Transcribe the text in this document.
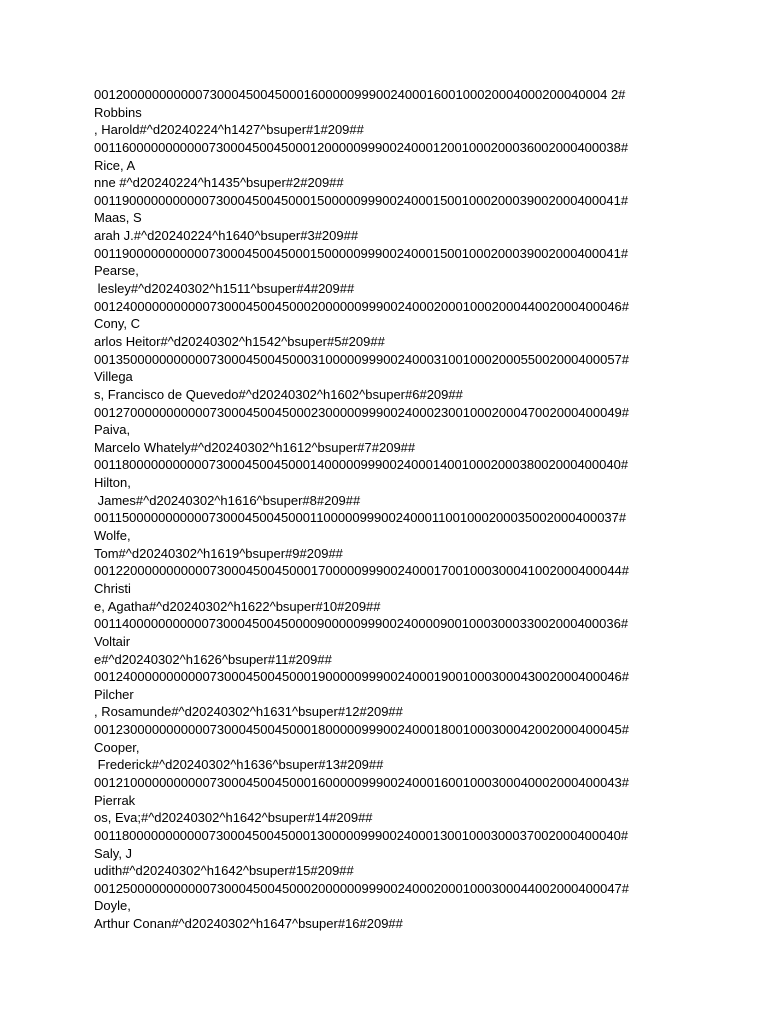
00120000000000073000450045000160000099900240001600100020004000200040004 2#
Robbins
, Harold#^d20240224^h1427^bsuper#1#209##
0011600000000000730004500450001200000999002400012001000200036002000400038#
Rice, A
nne #^d20240224^h1435^bsuper#2#209##
0011900000000000730004500450001500000999002400015001000200039002000400041#
Maas, S
arah J.#^d20240224^h1640^bsuper#3#209##
0011900000000000730004500450001500000999002400015001000200039002000400041#
Pearse,
lesley#^d20240302^h1511^bsuper#4#209##
0012400000000000730004500450002000000999002400020001000200044002000400046#
Cony, C
arlos Heitor#^d20240302^h1542^bsuper#5#209##
0013500000000000730004500450003100000999002400031001000200055002000400057#
Villega
s, Francisco de Quevedo#^d20240302^h1602^bsuper#6#209##
0012700000000000730004500450002300000999002400023001000200047002000400049#
Paiva,
Marcelo Whately#^d20240302^h1612^bsuper#7#209##
0011800000000000730004500450001400000999002400014001000200038002000400040#
Hilton,
James#^d20240302^h1616^bsuper#8#209##
0011500000000000730004500450001100000999002400011001000200035002000400037#
Wolfe,
Tom#^d20240302^h1619^bsuper#9#209##
0012200000000000730004500450001700000999002400017001000300041002000400044#
Christi
e, Agatha#^d20240302^h1622^bsuper#10#209##
0011400000000000730004500450000900000999002400009001000300033002000400036#
Voltair
e#^d20240302^h1626^bsuper#11#209##
0012400000000000730004500450001900000999002400019001000300043002000400046#
Pilcher
, Rosamunde#^d20240302^h1631^bsuper#12#209##
0012300000000000730004500450001800000999002400018001000300042002000400045#
Cooper,
Frederick#^d20240302^h1636^bsuper#13#209##
0012100000000000730004500450001600000999002400016001000300040002000400043#
Pierrak
os, Eva;#^d20240302^h1642^bsuper#14#209##
0011800000000000730004500450001300000999002400013001000300037002000400040#
Saly, J
udith#^d20240302^h1642^bsuper#15#209##
0012500000000000730004500450002000000999002400020001000300044002000400047#
Doyle,
Arthur Conan#^d20240302^h1647^bsuper#16#209##
